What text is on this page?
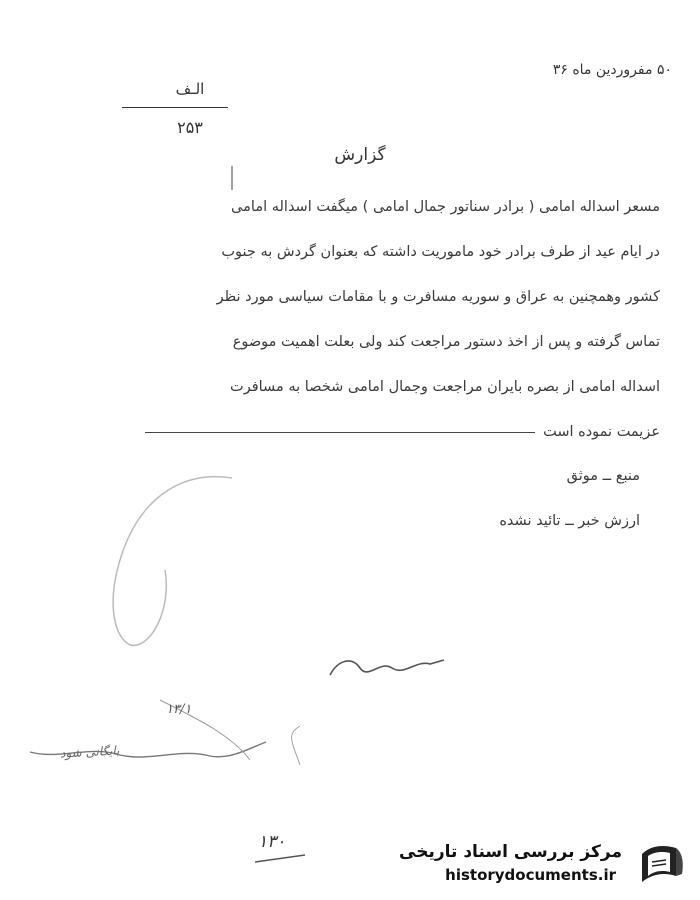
۵۰ مفروردین ماه ۳۶
الـف
۲۵۳
گزارش
مسعر اسداله امامی ( برادر سناتور جمال امامی ) میگفت اسداله امامی
در ایام عید از طرف برادر خود ماموریت داشته که بعنوان گردش به جنوب
کشور وهمچنین به عراق و سوریه مسافرت و با مقامات سیاسی مورد نظر
تماس گرفته و پس از اخذ دستور مراجعت کند ولی بعلت اهمیت موضوع
اسداله امامی از بصره بایران مراجعت وجمال امامی شخصا به مسافرت
عزیمت نموده است
منبع ــ موثق
ارزش خبر ــ تائید نشده
۱۳/۱
بایگانی شود
۱۳۰	مرکز بررسی اسناد تاریخی
historydocuments.ir
